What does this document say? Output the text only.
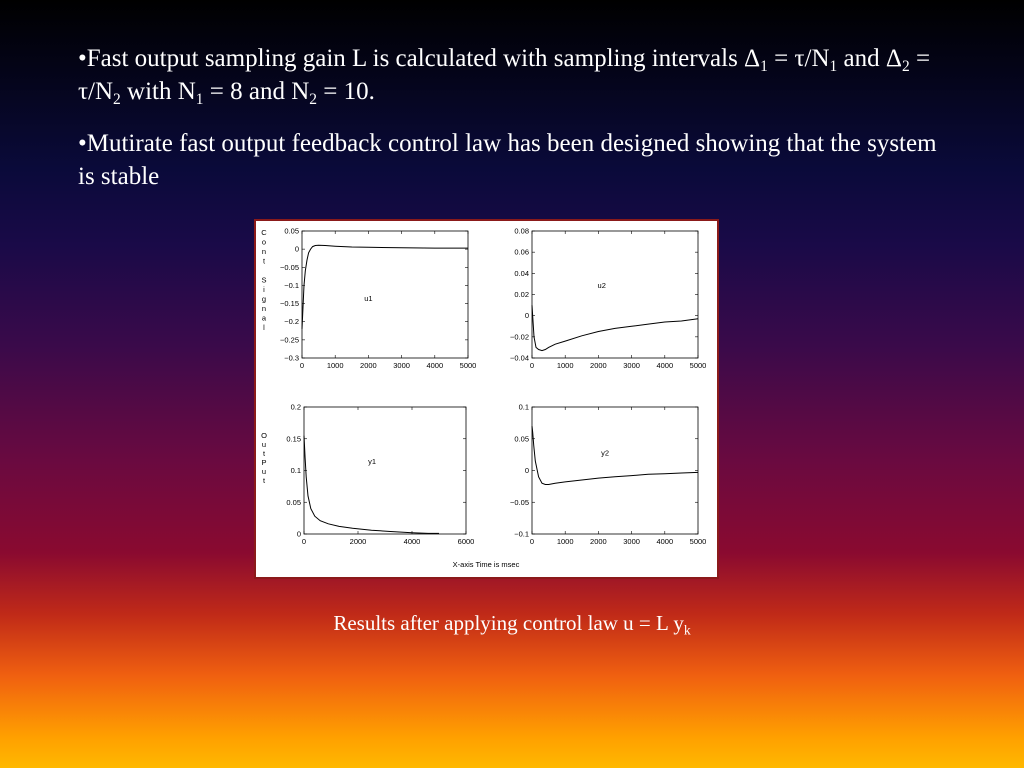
•Fast output sampling gain L is calculated with sampling intervals $\Delta_1 = \tau/N_1$ and $\Delta_2 = \tau/N_2$ with $N_1 = 8$ and $N_2 = 10$.

•Mutirate fast output feedback control law has been designed showing that the system is stable

0	1000 2000 3000 4000 5000
0.05
0
−0.05
−0.1
−0.15
−0.2
−0.25
−0.3
u1
0	1000 2000 3000 4000 5000
0.08
0.06
0.04
0.02
0
−0.02
−0.04
u2
0	2000	4000	6000
0.2
0.15
0.1
0.05
0
y1
0	1000 2000 3000 4000 5000
0.1
0.05
0
−0.05
−0.1
y2
C
o
n
t
S
i
g
n
a
l
O
u
t
P
u
t
X-axis Time is msec
Results after applying control law u = L $y_k$
